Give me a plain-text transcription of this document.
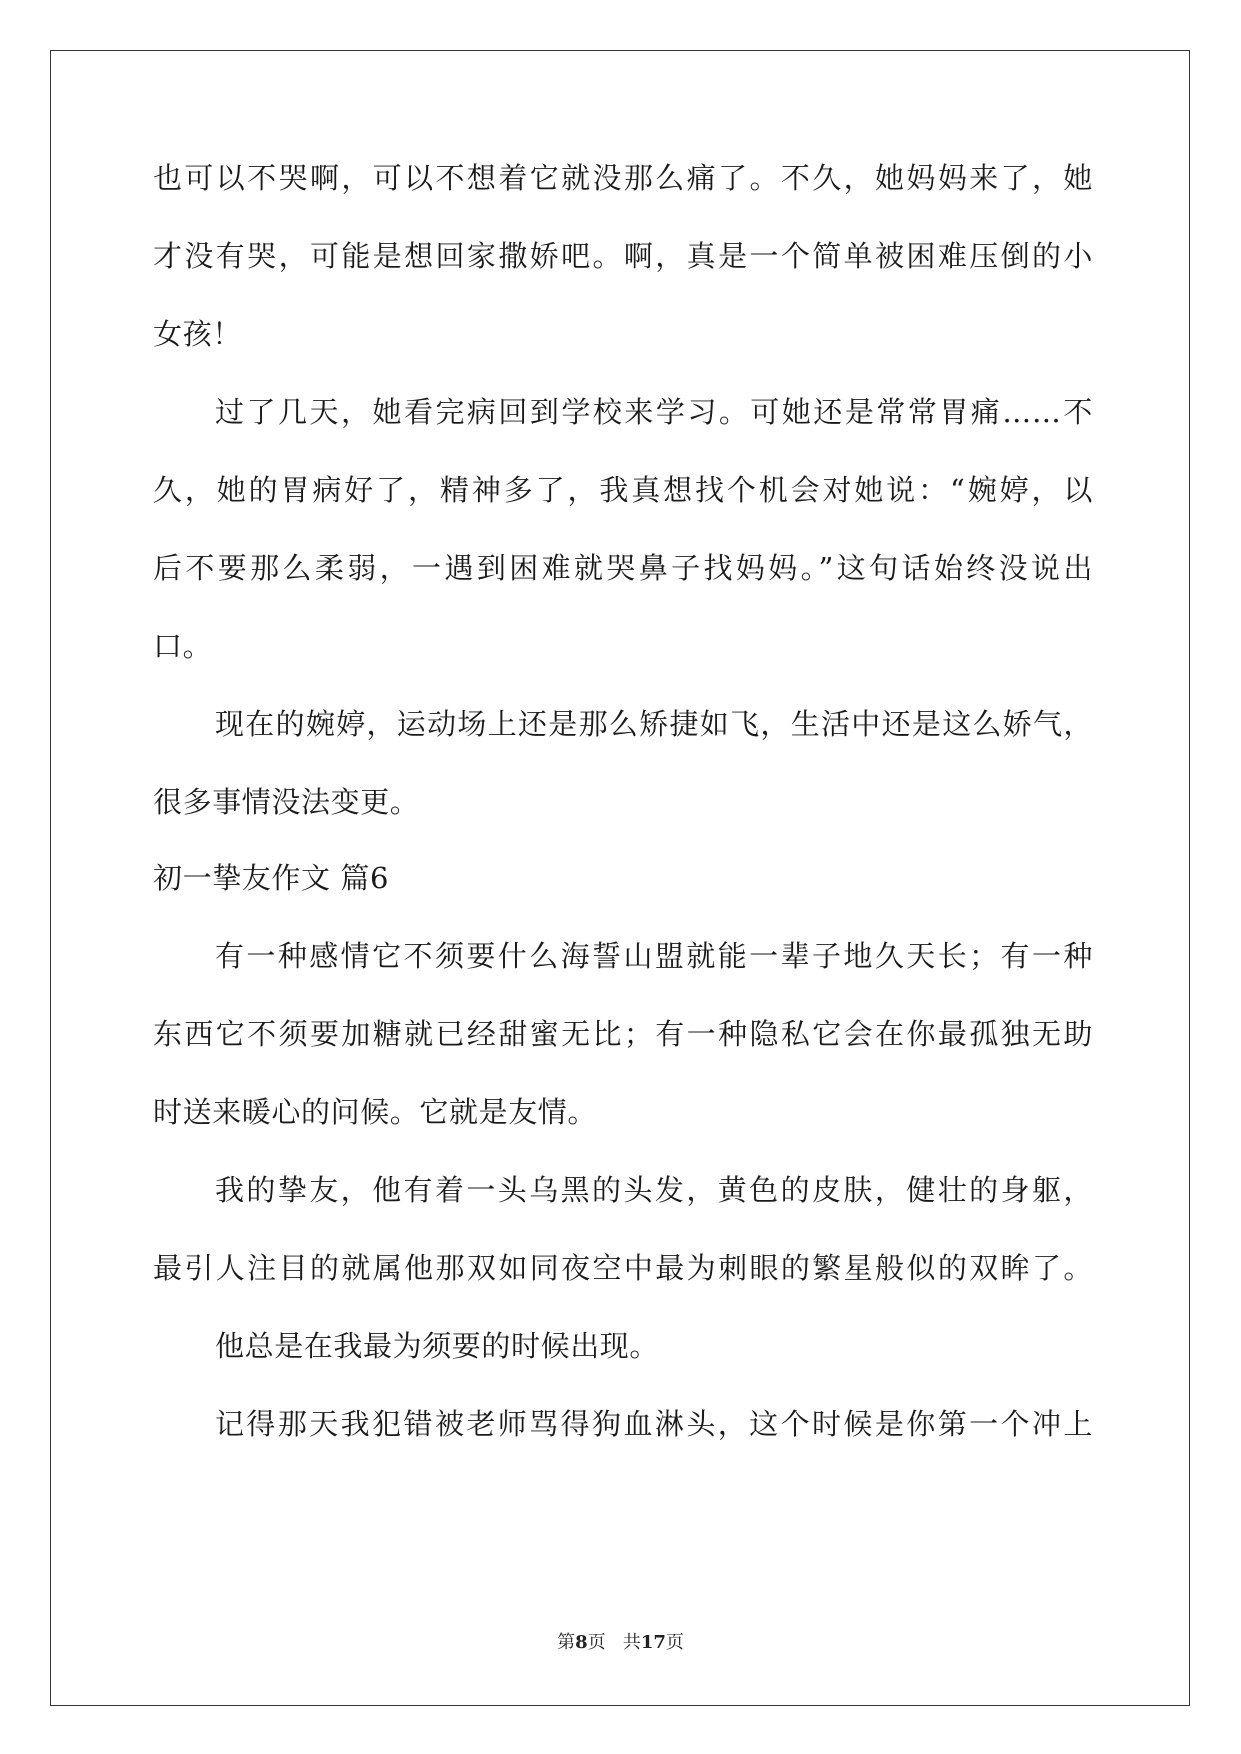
也可以不哭啊，可以不想着它就没那么痛了。不久，她妈妈来了，她
才没有哭，可能是想回家撒娇吧。啊，真是一个简单被困难压倒的小
女孩！
过了几天，她看完病回到学校来学习。可她还是常常胃痛……不
久，她的胃病好了，精神多了，我真想找个机会对她说：“婉婷，以
后不要那么柔弱，一遇到困难就哭鼻子找妈妈。”这句话始终没说出
口。
现在的婉婷，运动场上还是那么矫捷如飞，生活中还是这么娇气，
很多事情没法变更。
初一挚友作文 篇6
有一种感情它不须要什么海誓山盟就能一辈子地久天长；有一种
东西它不须要加糖就已经甜蜜无比；有一种隐私它会在你最孤独无助
时送来暖心的问候。它就是友情。
我的挚友，他有着一头乌黑的头发，黄色的皮肤，健壮的身躯，
最引人注目的就属他那双如同夜空中最为刺眼的繁星般似的双眸了。
他总是在我最为须要的时候出现。
记得那天我犯错被老师骂得狗血淋头，这个时候是你第一个冲上
第8页 共17页
